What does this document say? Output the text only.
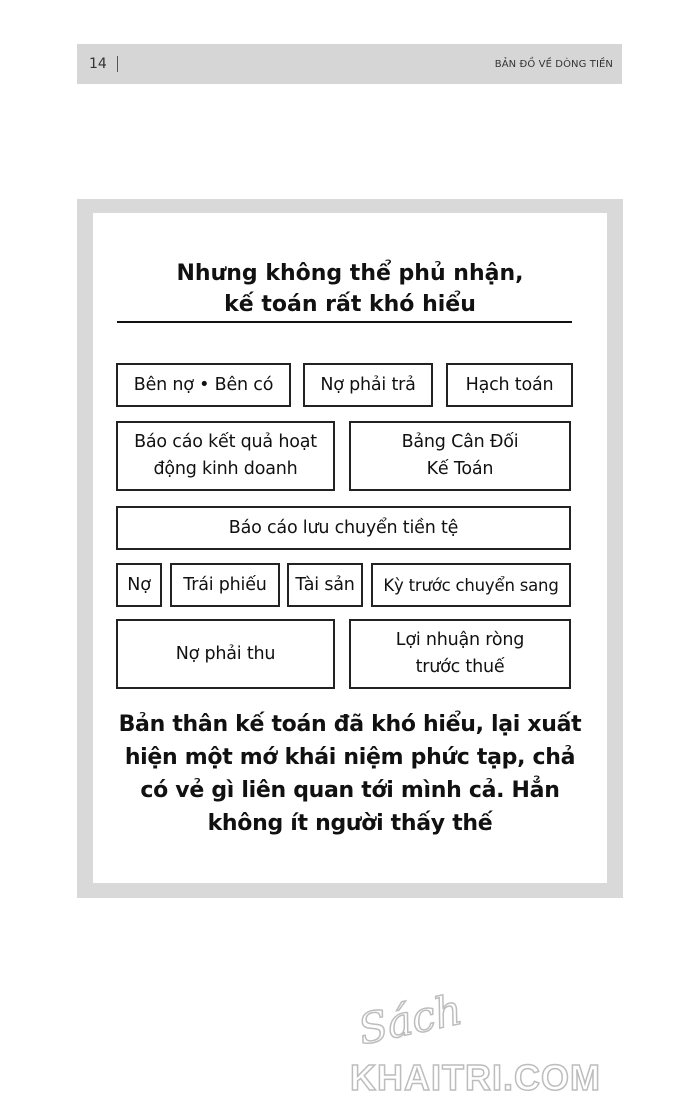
14	BẢN ĐỒ VỀ DÒNG TIỀN
Nhưng không thể phủ nhận,
kế toán rất khó hiểu
Bên nợ • Bên có	Nợ phải trả	Hạch toán
Báo cáo kết quả hoạt
động kinh doanh
Bảng Cân Đối
Kế Toán
Báo cáo lưu chuyển tiền tệ
Nợ Trái phiếu Tài sản Kỳ trước chuyển sang
Nợ phải thu
Lợi nhuận ròng
trước thuế
Bản thân kế toán đã khó hiểu, lại xuất
hiện một mớ khái niệm phức tạp, chả
có vẻ gì liên quan tới mình cả. Hẳn
không ít người thấy thế
Sách
KHAITRI.COM
